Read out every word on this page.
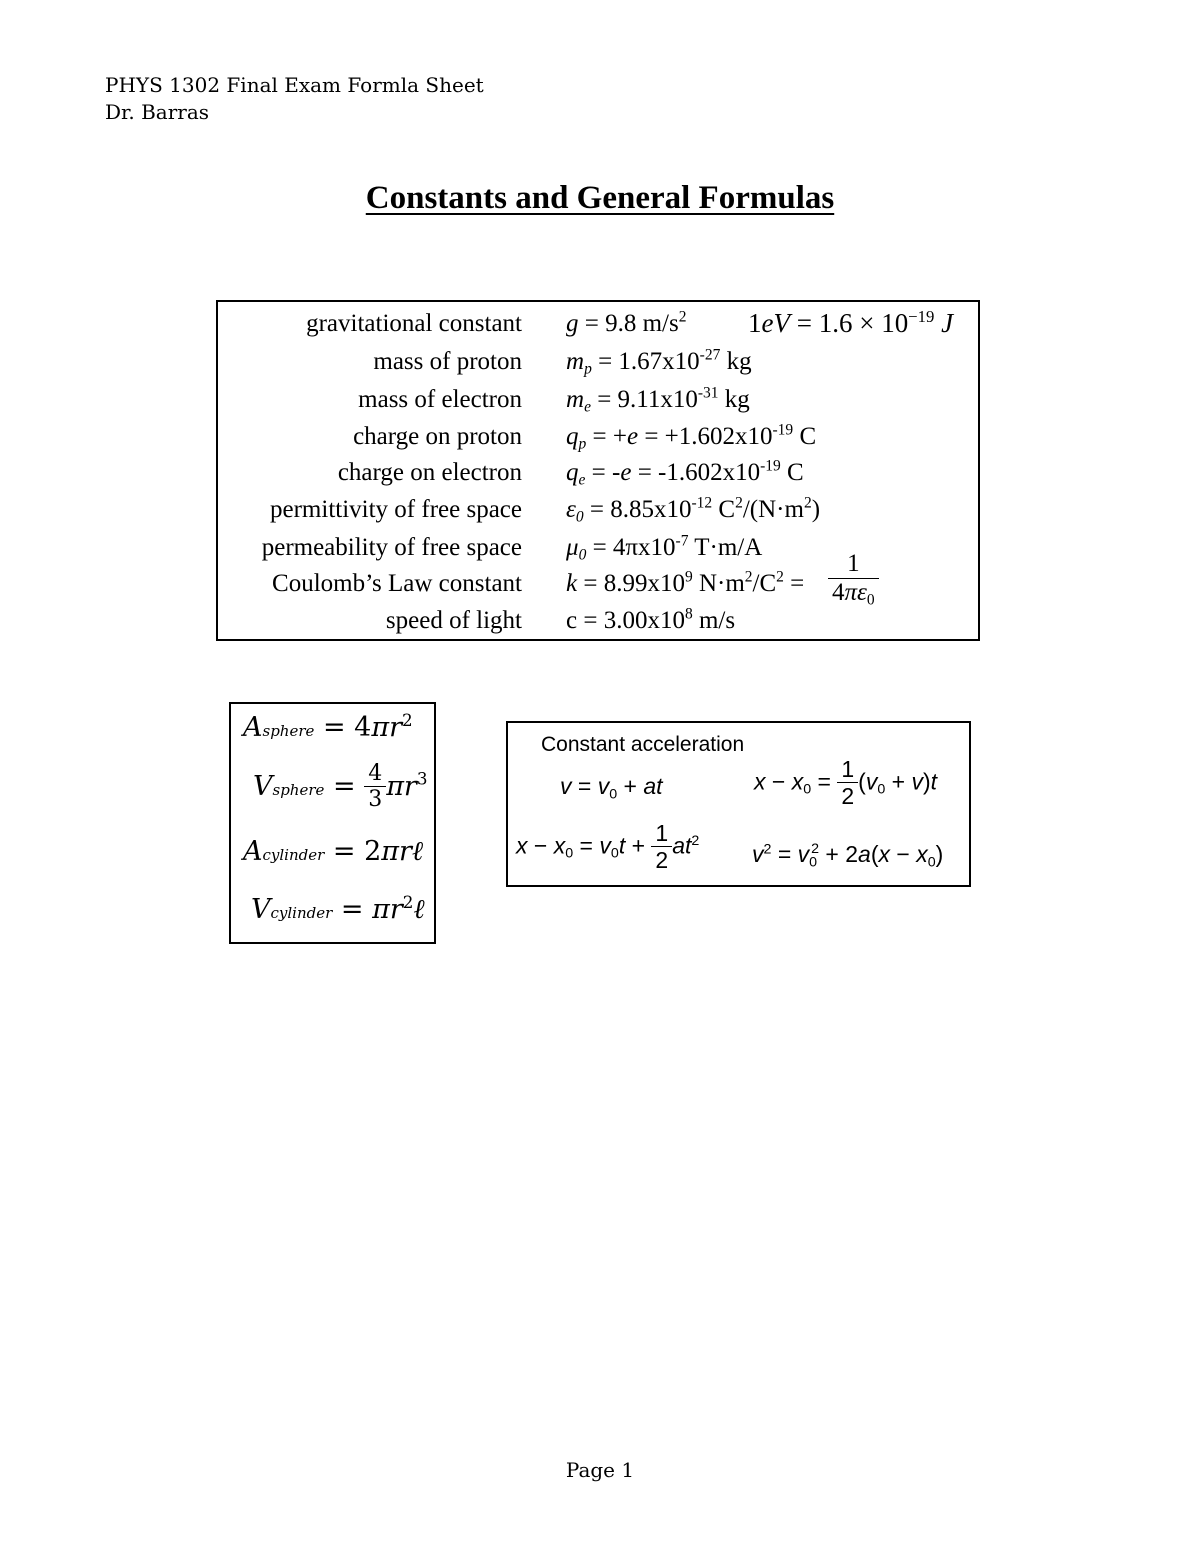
PHYS 1302 Final Exam Formla Sheet
Dr. Barras
Constants and General Formulas
gravitational constant g = 9.8 $m/s^2$ $1eV = 1.6 \times 10^{-19}$ J
mass of proton $m_p = 1.67x10^{-27}$ kg
mass of electron $m_e = 9.11x10^{-31}$ kg
charge on proton $q_p = +e = +1.602x10^{-19}$ C
charge on electron $q_e = -e = -1.602x10^{-19}$ C
permittivity of free space $\varepsilon_0 = 8.85x10^{-12}$ $C^2/(N\cdot m^2)$
permeability of free space $\mu_0 = 4\pi x10^{-7}$ T·m/A
Coulomb’s Law constant $k = 8.99x10^9$ $N\cdot m^2/C^2$ =
speed of light $c = 3.00x10^8$ m/s
$\frac{1}{4\pi\varepsilon_0}$
Asphere = $4\pi r^2$
Vsphere = $\frac{4}{3} \pi r^3$
Acylinder = 2πrℓ
Vcylinder = $\pi r^2\ell$
Constant acceleration
$v = v_0$ + at	$x - x_0 = \frac{1}{2} (v_0 + v)t$
$x - x_0 = v_0t + \frac{1}{2} at^2$
$v^2 = v_0^2 + 2a(x - x_0)$
Page 1
